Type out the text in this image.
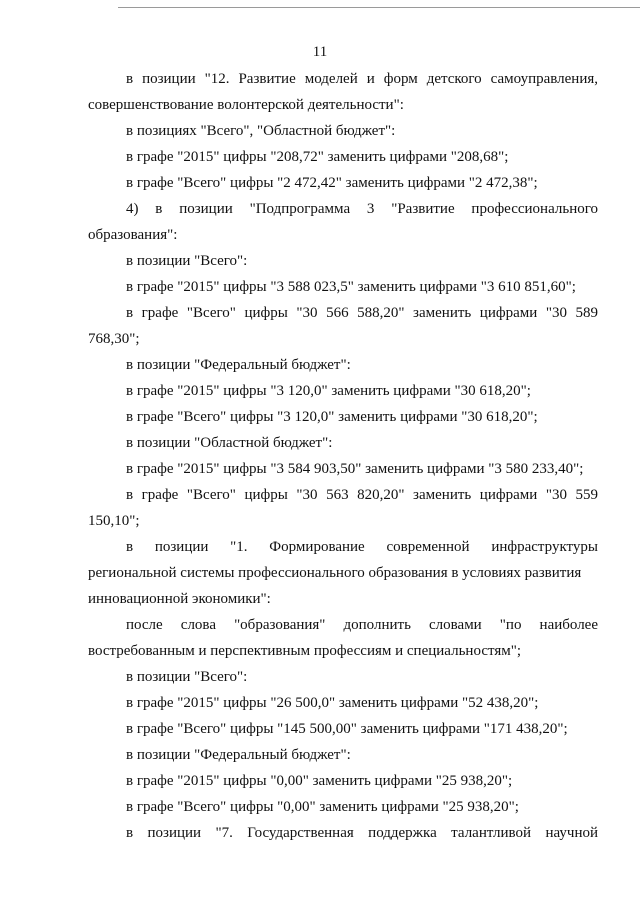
11
в позиции "12. Развитие моделей и форм детского самоуправления,
совершенствование волонтерской деятельности":
в позициях "Всего", "Областной бюджет":
в графе "2015" цифры "208,72" заменить цифрами "208,68";
в графе "Всего" цифры "2 472,42" заменить цифрами "2 472,38";
4) в позиции "Подпрограмма 3 "Развитие профессионального
образования":
в позиции "Всего":
в графе "2015" цифры "3 588 023,5" заменить цифрами "3 610 851,60";
в графе "Всего" цифры "30 566 588,20" заменить цифрами "30 589
768,30";
в позиции "Федеральный бюджет":
в графе "2015" цифры "3 120,0" заменить цифрами "30 618,20";
в графе "Всего" цифры "3 120,0" заменить цифрами "30 618,20";
в позиции "Областной бюджет":
в графе "2015" цифры "3 584 903,50" заменить цифрами "3 580 233,40";
в графе "Всего" цифры "30 563 820,20" заменить цифрами "30 559
150,10";
в позиции "1. Формирование современной инфраструктуры
региональной системы профессионального образования в условиях развития
инновационной экономики":
после слова "образования" дополнить словами "по наиболее
востребованным и перспективным профессиям и специальностям";
в позиции "Всего":
в графе "2015" цифры "26 500,0" заменить цифрами "52 438,20";
в графе "Всего" цифры "145 500,00" заменить цифрами "171 438,20";
в позиции "Федеральный бюджет":
в графе "2015" цифры "0,00" заменить цифрами "25 938,20";
в графе "Всего" цифры "0,00" заменить цифрами "25 938,20";
в позиции "7. Государственная поддержка талантливой научной
